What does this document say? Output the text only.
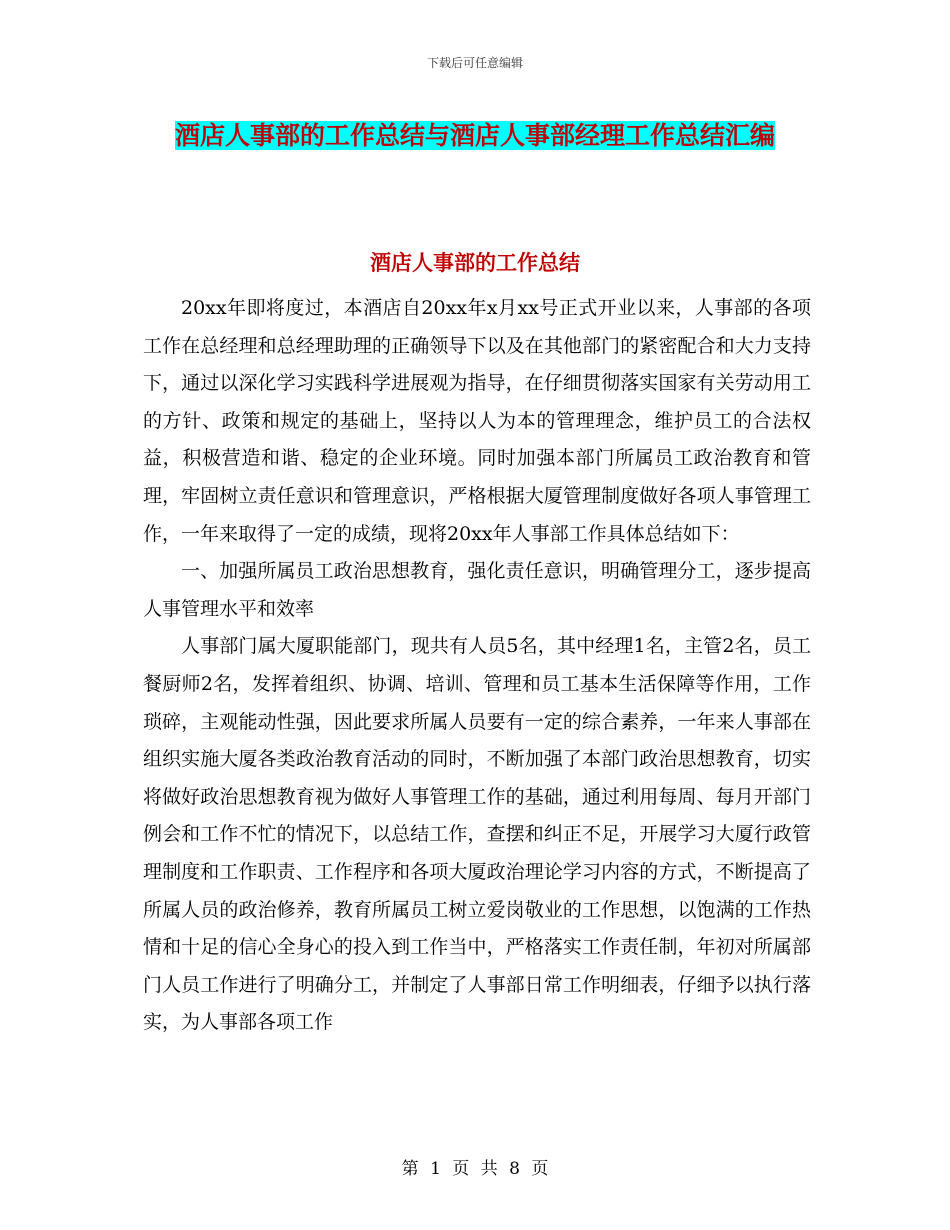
下载后可任意编辑
酒店人事部的工作总结与酒店人事部经理工作总结汇编
酒店人事部的工作总结

20xx年即将度过，本酒店自20xx年x月xx号正式开业以来，人事部的各项工作在总经理和总经理助理的正确领导下以及在其他部门的紧密配合和大力支持下，通过以深化学习实践科学进展观为指导，在仔细贯彻落实国家有关劳动用工的方针、政策和规定的基础上，坚持以人为本的管理理念，维护员工的合法权益，积极营造和谐、稳定的企业环境。同时加强本部门所属员工政治教育和管理，牢固树立责任意识和管理意识，严格根据大厦管理制度做好各项人事管理工作，一年来取得了一定的成绩，现将20xx年人事部工作具体总结如下：

一、加强所属员工政治思想教育，强化责任意识，明确管理分工，逐步提高人事管理水平和效率

人事部门属大厦职能部门，现共有人员5名，其中经理1名，主管2名，员工餐厨师2名，发挥着组织、协调、培训、管理和员工基本生活保障等作用，工作琐碎，主观能动性强，因此要求所属人员要有一定的综合素养，一年来人事部在组织实施大厦各类政治教育活动的同时，不断加强了本部门政治思想教育，切实将做好政治思想教育视为做好人事管理工作的基础，通过利用每周、每月开部门例会和工作不忙的情况下，以总结工作，查摆和纠正不足，开展学习大厦行政管理制度和工作职责、工作程序和各项大厦政治理论学习内容的方式，不断提高了所属人员的政治修养，教育所属员工树立爱岗敬业的工作思想，以饱满的工作热情和十足的信心全身心的投入到工作当中，严格落实工作责任制，年初对所属部门人员工作进行了明确分工，并制定了人事部日常工作明细表，仔细予以执行落实，为人事部各项工作

第 1 页 共 8 页
